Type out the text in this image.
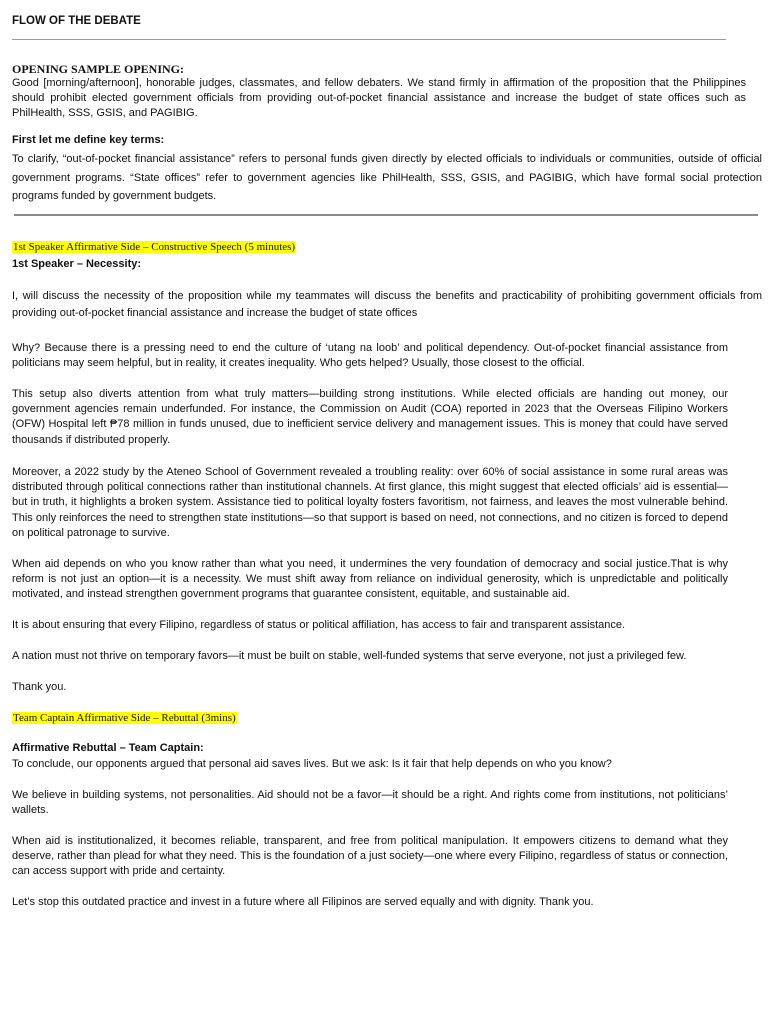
FLOW OF THE DEBATE
OPENING SAMPLE OPENING:
Good [morning/afternoon], honorable judges, classmates, and fellow debaters. We stand firmly in affirmation of the proposition that the Philippines should prohibit elected government officials from providing out-of-pocket financial assistance and increase the budget of state offices such as PhilHealth, SSS, GSIS, and PAGIBIG.
First let me define key terms:
To clarify, “out-of-pocket financial assistance” refers to personal funds given directly by elected officials to individuals or communities, outside of official government programs. “State offices” refer to government agencies like PhilHealth, SSS, GSIS, and PAGIBIG, which have formal social protection programs funded by government budgets.
1st Speaker Affirmative Side – Constructive Speech (5 minutes)
1st Speaker – Necessity:
I, will discuss the necessity of the proposition while my teammates will discuss the benefits and practicability of prohibiting government officials from providing out-of-pocket financial assistance and increase the budget of state offices
Why? Because there is a pressing need to end the culture of ‘utang na loob’ and political dependency. Out-of-pocket financial assistance from politicians may seem helpful, but in reality, it creates inequality. Who gets helped? Usually, those closest to the official.
This setup also diverts attention from what truly matters—building strong institutions. While elected officials are handing out money, our government agencies remain underfunded. For instance, the Commission on Audit (COA) reported in 2023 that the Overseas Filipino Workers (OFW) Hospital left ₱78 million in funds unused, due to inefficient service delivery and management issues. This is money that could have served thousands if distributed properly.
Moreover, a 2022 study by the Ateneo School of Government revealed a troubling reality: over 60% of social assistance in some rural areas was distributed through political connections rather than institutional channels. At first glance, this might suggest that elected officials’ aid is essential—but in truth, it highlights a broken system. Assistance tied to political loyalty fosters favoritism, not fairness, and leaves the most vulnerable behind. This only reinforces the need to strengthen state institutions—so that support is based on need, not connections, and no citizen is forced to depend on political patronage to survive.
When aid depends on who you know rather than what you need, it undermines the very foundation of democracy and social justice.That is why reform is not just an option—it is a necessity. We must shift away from reliance on individual generosity, which is unpredictable and politically motivated, and instead strengthen government programs that guarantee consistent, equitable, and sustainable aid.
It is about ensuring that every Filipino, regardless of status or political affiliation, has access to fair and transparent assistance.
A nation must not thrive on temporary favors—it must be built on stable, well-funded systems that serve everyone, not just a privileged few.
Thank you.
Team Captain Affirmative Side – Rebuttal (3mins)
Affirmative Rebuttal – Team Captain:
To conclude, our opponents argued that personal aid saves lives. But we ask: Is it fair that help depends on who you know?
We believe in building systems, not personalities. Aid should not be a favor—it should be a right. And rights come from institutions, not politicians’ wallets.
When aid is institutionalized, it becomes reliable, transparent, and free from political manipulation. It empowers citizens to demand what they deserve, rather than plead for what they need. This is the foundation of a just society—one where every Filipino, regardless of status or connection, can access support with pride and certainty.
Let’s stop this outdated practice and invest in a future where all Filipinos are served equally and with dignity. Thank you.
